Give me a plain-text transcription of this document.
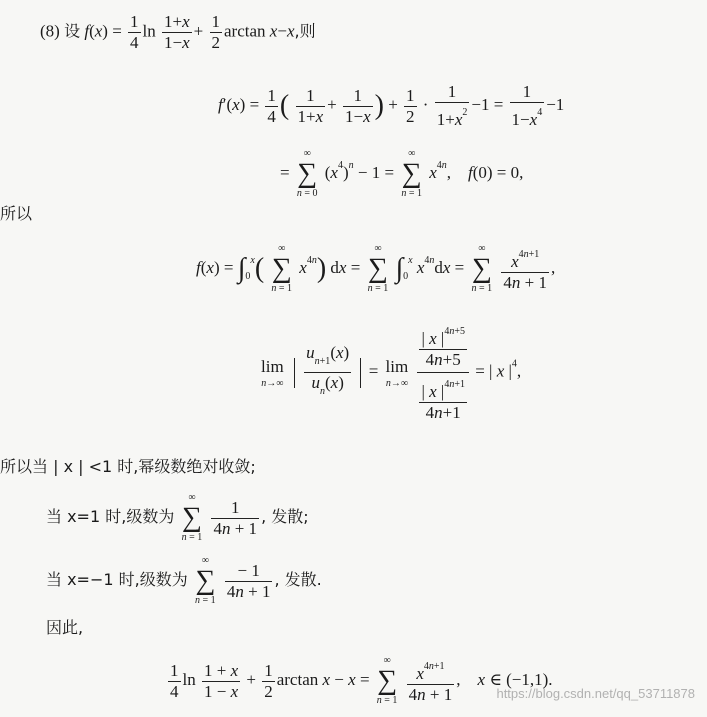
(8) 设 $f(x) = \frac{1}{4}$ $\ln \frac{1+x}{1-x} + \frac{1}{2}$ arctan x−x,则
$f'(x) = \frac{1}{4}$ ( $\frac{1}{1+x} + \frac{1}{1-x}$ ) + $\frac{1}{2} \cdot \frac{1}{1+x^2} -1 = \frac{1}{1-x^4} -1$
=
∞
∑
n = 0
$(x^4)^n - 1$ =
∞
∑
n = 1
$x^{4n}$,    f(0) = 0,
所以
$f(x) = \int_0^x$(
∞
∑
n = 1
$x^{4n}$) dx =
∞
∑
n = 1
$\int_0^x$ $x^{4n}dx$ =
∞
∑
n = 1
$\frac{x^{4n+1}}{4n + 1}$ ,
lim
n→∞
$\frac{u_{n+1}(x)}{u_n(x)} = \lim$
n→∞
$\frac{\frac{| x |^{4n+5}}{4n+5}}{\frac{| x |^{4n+1}}{4n+1}}$ = | x $|^4$,
所以当 | x | <1 时,幂级数绝对收敛;
当 x=1 时,级数为
∞
∑
n = 1
$\frac{1}{4n + 1}$ , 发散;
当 x=−1 时,级数为
∞
∑
n = 1
$\frac{- 1}{4n + 1}$ , 发散.
因此,
$\frac{1}{4}$ $\ln \frac{1 + x}{1 - x} + \frac{1}{2}$ arctan x − x =
∞
∑
n = 1
$\frac{x^{4n+1}}{4n + 1}$ ,    x ∈ (−1,1).
https://blog.csdn.net/qq_53711878
